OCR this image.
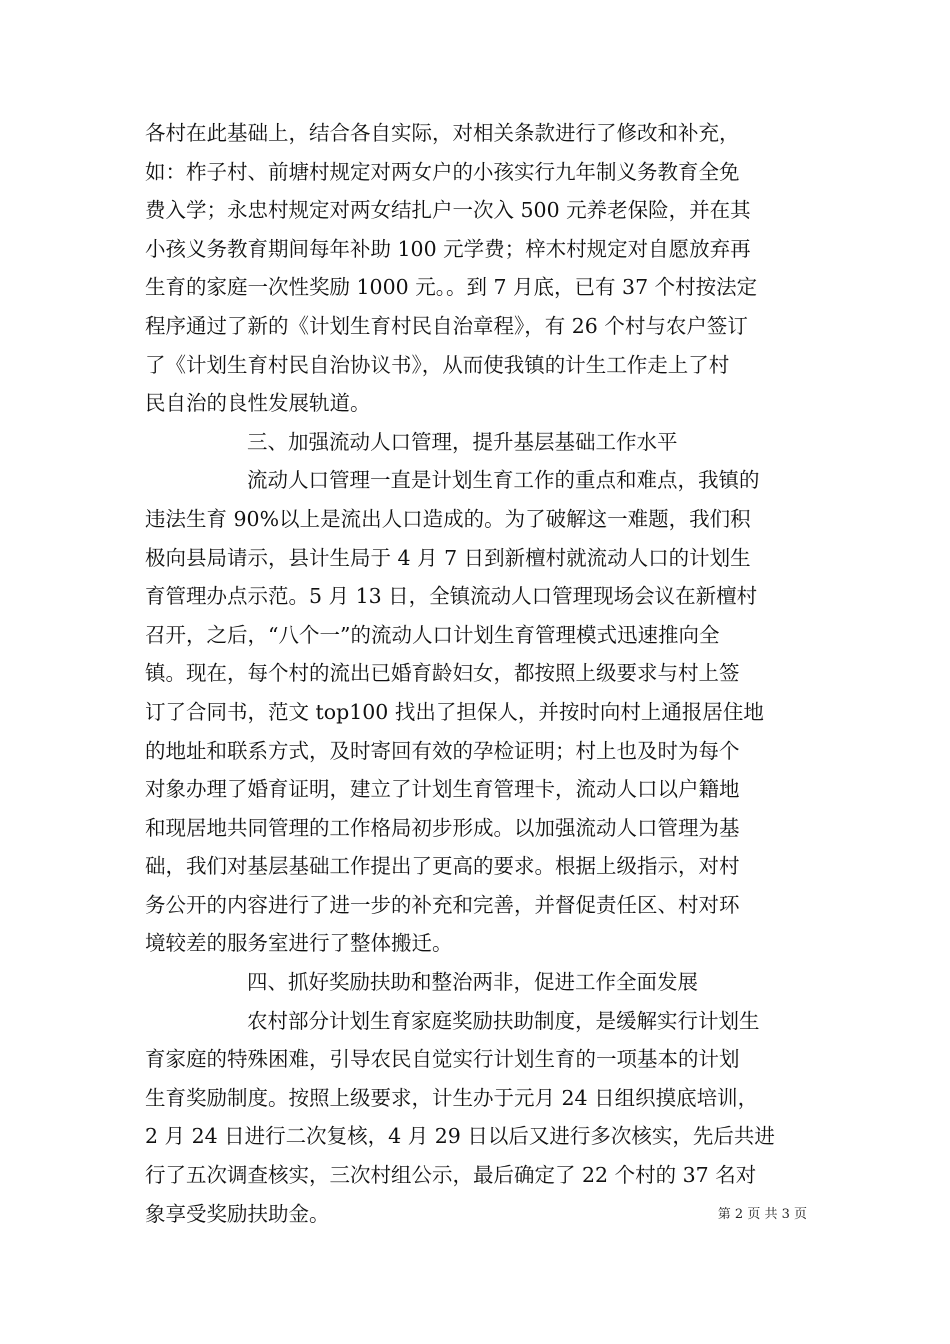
各村在此基础上，结合各自实际，对相关条款进行了修改和补充，
如：柞子村、前塘村规定对两女户的小孩实行九年制义务教育全免
费入学；永忠村规定对两女结扎户一次入 500 元养老保险，并在其
小孩义务教育期间每年补助 100 元学费；梓木村规定对自愿放弃再
生育的家庭一次性奖励 1000 元。。到 7 月底，已有 37 个村按法定
程序通过了新的《计划生育村民自治章程》，有 26 个村与农户签订
了《计划生育村民自治协议书》，从而使我镇的计生工作走上了村
民自治的良性发展轨道。
三、加强流动人口管理，提升基层基础工作水平
流动人口管理一直是计划生育工作的重点和难点，我镇的
违法生育 90%以上是流出人口造成的。为了破解这一难题，我们积
极向县局请示，县计生局于 4 月 7 日到新檀村就流动人口的计划生
育管理办点示范。5 月 13 日，全镇流动人口管理现场会议在新檀村
召开，之后，“八个一”的流动人口计划生育管理模式迅速推向全
镇。现在，每个村的流出已婚育龄妇女，都按照上级要求与村上签
订了合同书，范文 top100 找出了担保人，并按时向村上通报居住地
的地址和联系方式，及时寄回有效的孕检证明；村上也及时为每个
对象办理了婚育证明，建立了计划生育管理卡，流动人口以户籍地
和现居地共同管理的工作格局初步形成。以加强流动人口管理为基
础，我们对基层基础工作提出了更高的要求。根据上级指示，对村
务公开的内容进行了进一步的补充和完善，并督促责任区、村对环
境较差的服务室进行了整体搬迁。
四、抓好奖励扶助和整治两非，促进工作全面发展
农村部分计划生育家庭奖励扶助制度，是缓解实行计划生
育家庭的特殊困难，引导农民自觉实行计划生育的一项基本的计划
生育奖励制度。按照上级要求，计生办于元月 24 日组织摸底培训，
2 月 24 日进行二次复核，4 月 29 日以后又进行多次核实，先后共进
行了五次调查核实，三次村组公示，最后确定了 22 个村的 37 名对
象享受奖励扶助金。	第 2 页 共 3 页
